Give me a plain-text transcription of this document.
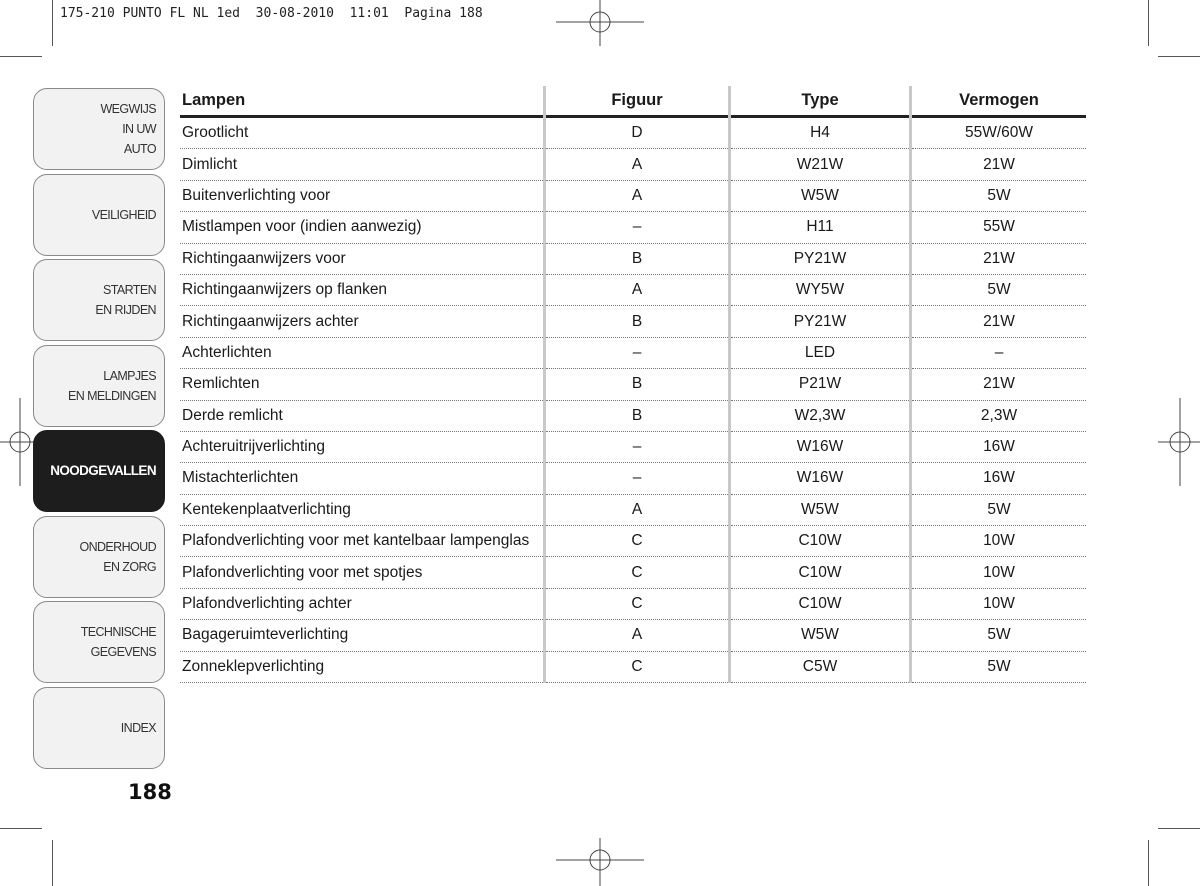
175-210 PUNTO FL NL 1ed  30-08-2010  11:01  Pagina 188
WEGWIJS
IN UW
AUTO
VEILIGHEID
STARTEN
EN RIJDEN
LAMPJES
EN MELDINGEN
NOODGEVALLEN
ONDERHOUD
EN ZORG
TECHNISCHE
GEGEVENS
INDEX
188
Lampen	Figuur	Type	Vermogen
Grootlicht	D	H4	55W/60W
Dimlicht	A	W21W	21W
Buitenverlichting voor	A	W5W	5W
Mistlampen voor (indien aanwezig)	–	H11	55W
Richtingaanwijzers voor	B	PY21W	21W
Richtingaanwijzers op flanken	A	WY5W	5W
Richtingaanwijzers achter	B	PY21W	21W
Achterlichten	–	LED	–
Remlichten	B	P21W	21W
Derde remlicht	B	W2,3W	2,3W
Achteruitrijverlichting	–	W16W	16W
Mistachterlichten	–	W16W	16W
Kentekenplaatverlichting	A	W5W	5W
Plafondverlichting voor met kantelbaar lampenglas	C	C10W	10W
Plafondverlichting voor met spotjes	C	C10W	10W
Plafondverlichting achter	C	C10W	10W
Bagageruimteverlichting	A	W5W	5W
Zonneklepverlichting	C	C5W	5W
